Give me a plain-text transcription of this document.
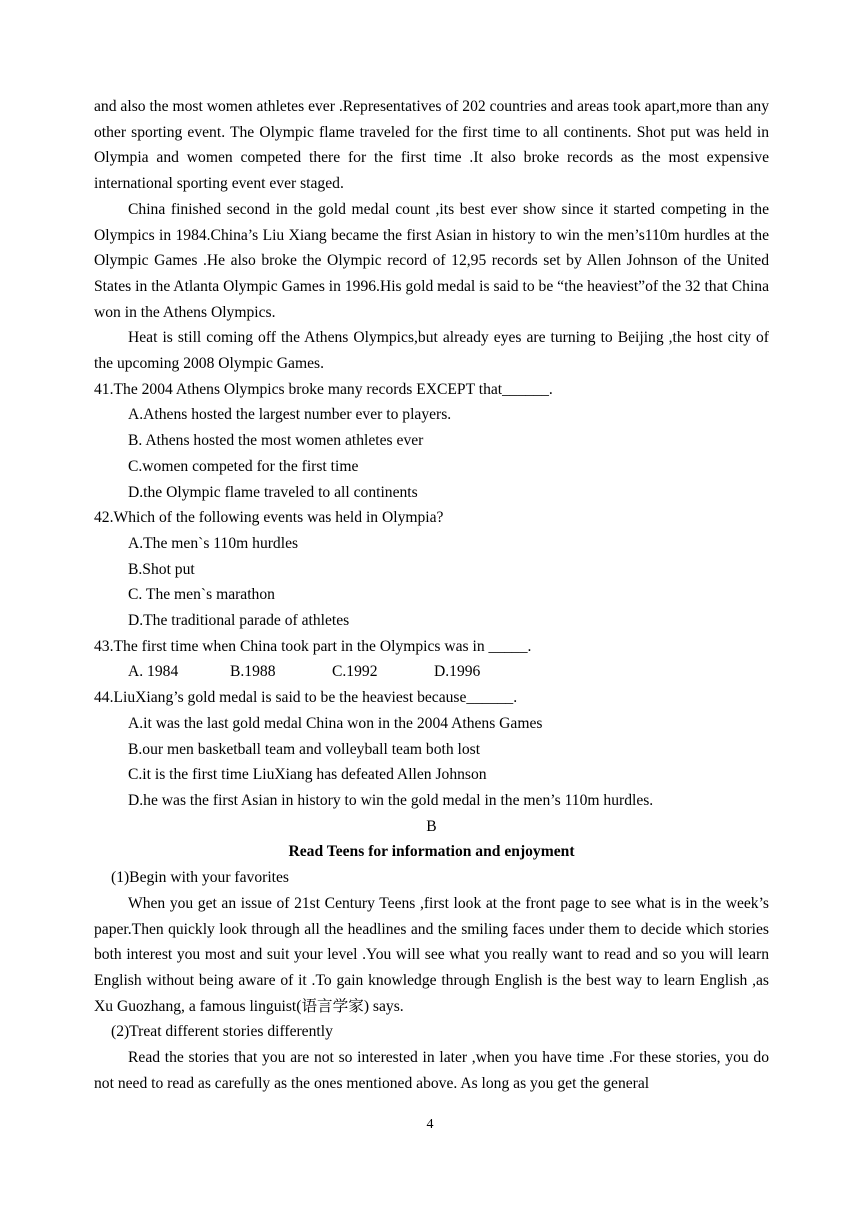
and also the most women athletes ever .Representatives of 202 countries and areas took apart,more than any other sporting event. The Olympic flame traveled for the first time to all continents. Shot put was held in Olympia and women competed there for the first time .It also broke records as the most expensive international sporting event ever staged.

China finished second in the gold medal count ,its best ever show since it started competing in the Olympics in 1984.China’s Liu Xiang became the first Asian in history to win the men’s110m hurdles at the Olympic Games .He also broke the Olympic record of 12,95 records set by Allen Johnson of the United States in the Atlanta Olympic Games in 1996.His gold medal is said to be “the heaviest”of the 32 that China won in the Athens Olympics.

Heat is still coming off the Athens Olympics,but already eyes are turning to Beijing ,the host city of the upcoming 2008 Olympic Games.

41.The 2004 Athens Olympics broke many records EXCEPT that______.

A.Athens hosted the largest number ever to players.

B. Athens hosted the most women athletes ever

C.women competed for the first time

D.the Olympic flame traveled to all continents

42.Which of the following events was held in Olympia?

A.The men`s 110m hurdles

B.Shot put

C. The men`s marathon

D.The traditional parade of athletes

43.The first time when China took part in the Olympics was in _____.

A. 1984	B.1988	C.1992	D.1996

44.LiuXiang’s gold medal is said to be the heaviest because______.

A.it was the last gold medal China won in the 2004 Athens Games

B.our men basketball team and volleyball team both lost

C.it is the first time LiuXiang has defeated Allen Johnson

D.he was the first Asian in history to win the gold medal in the men’s 110m hurdles.

B

Read Teens for information and enjoyment

(1)Begin with your favorites

When you get an issue of 21st Century Teens ,first look at the front page to see what is in the week’s paper.Then quickly look through all the headlines and the smiling faces under them to decide which stories both interest you most and suit your level .You will see what you really want to read and so you will learn English without being aware of it .To gain knowledge through English is the best way to learn English ,as Xu Guozhang, a famous linguist(语言学家) says.

(2)Treat different stories differently

Read the stories that you are not so interested in later ,when you have time .For these stories, you do not need to read as carefully as the ones mentioned above. As long as you get the general

4
